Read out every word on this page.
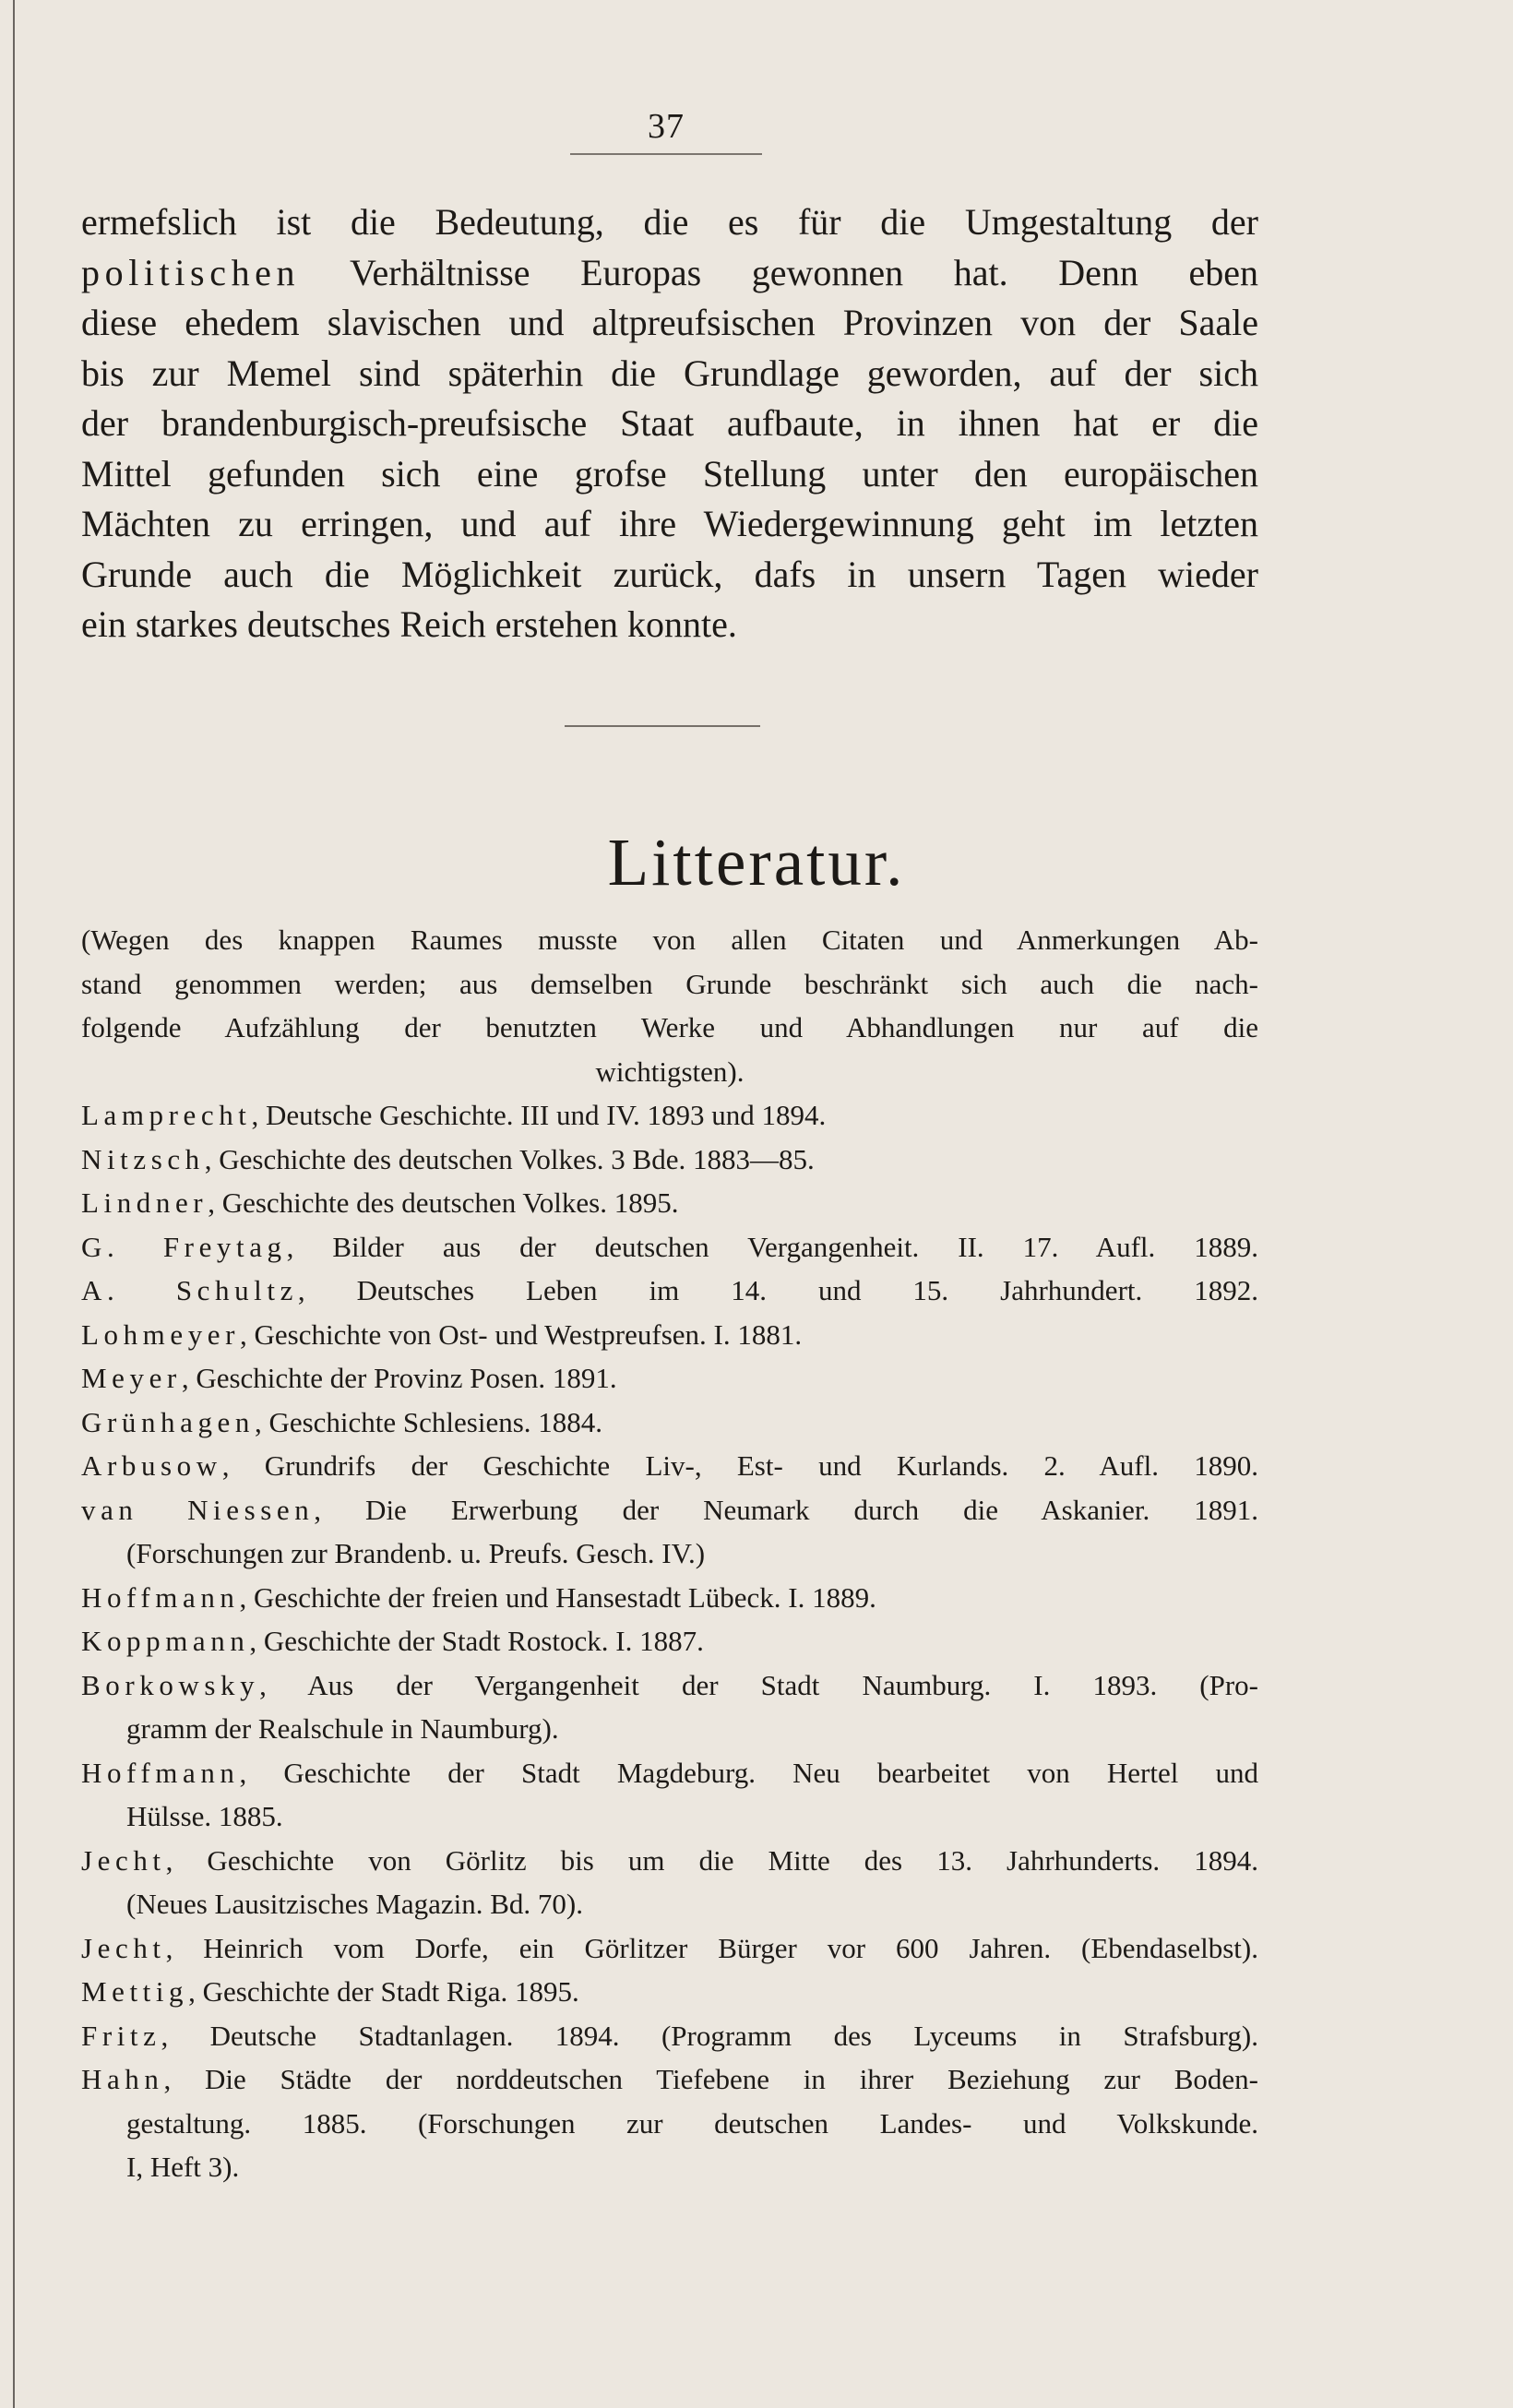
37
ermefslich ist die Bedeutung, die es für die Umgestaltung der
politischen Verhältnisse Europas gewonnen hat. Denn eben
diese ehedem slavischen und altpreufsischen Provinzen von der Saale
bis zur Memel sind späterhin die Grundlage geworden, auf der sich
der brandenburgisch-preufsische Staat aufbaute, in ihnen hat er die
Mittel gefunden sich eine grofse Stellung unter den europäischen
Mächten zu erringen, und auf ihre Wiedergewinnung geht im letzten
Grunde auch die Möglichkeit zurück, dafs in unsern Tagen wieder
ein starkes deutsches Reich erstehen konnte.
Litteratur.
(Wegen des knappen Raumes musste von allen Citaten und Anmerkungen Ab-
stand genommen werden; aus demselben Grunde beschränkt sich auch die nach-
folgende Aufzählung der benutzten Werke und Abhandlungen nur auf die
wichtigsten).
Lamprecht, Deutsche Geschichte. III und IV. 1893 und 1894.
Nitzsch, Geschichte des deutschen Volkes. 3 Bde. 1883—85.
Lindner, Geschichte des deutschen Volkes. 1895.
G. Freytag, Bilder aus der deutschen Vergangenheit. II. 17. Aufl. 1889.
A. Schultz, Deutsches Leben im 14. und 15. Jahrhundert. 1892.
Lohmeyer, Geschichte von Ost- und Westpreufsen. I. 1881.
Meyer, Geschichte der Provinz Posen. 1891.
Grünhagen, Geschichte Schlesiens. 1884.
Arbusow, Grundrifs der Geschichte Liv-, Est- und Kurlands. 2. Aufl. 1890.
van Niessen, Die Erwerbung der Neumark durch die Askanier. 1891.
(Forschungen zur Brandenb. u. Preufs. Gesch. IV.)
Hoffmann, Geschichte der freien und Hansestadt Lübeck. I. 1889.
Koppmann, Geschichte der Stadt Rostock. I. 1887.
Borkowsky, Aus der Vergangenheit der Stadt Naumburg. I. 1893. (Pro-
gramm der Realschule in Naumburg).
Hoffmann, Geschichte der Stadt Magdeburg. Neu bearbeitet von Hertel und
Hülsse. 1885.
Jecht, Geschichte von Görlitz bis um die Mitte des 13. Jahrhunderts. 1894.
(Neues Lausitzisches Magazin. Bd. 70).
Jecht, Heinrich vom Dorfe, ein Görlitzer Bürger vor 600 Jahren. (Ebendaselbst).
Mettig, Geschichte der Stadt Riga. 1895.
Fritz, Deutsche Stadtanlagen. 1894. (Programm des Lyceums in Strafsburg).
Hahn, Die Städte der norddeutschen Tiefebene in ihrer Beziehung zur Boden-
gestaltung. 1885. (Forschungen zur deutschen Landes- und Volkskunde.
I, Heft 3).
